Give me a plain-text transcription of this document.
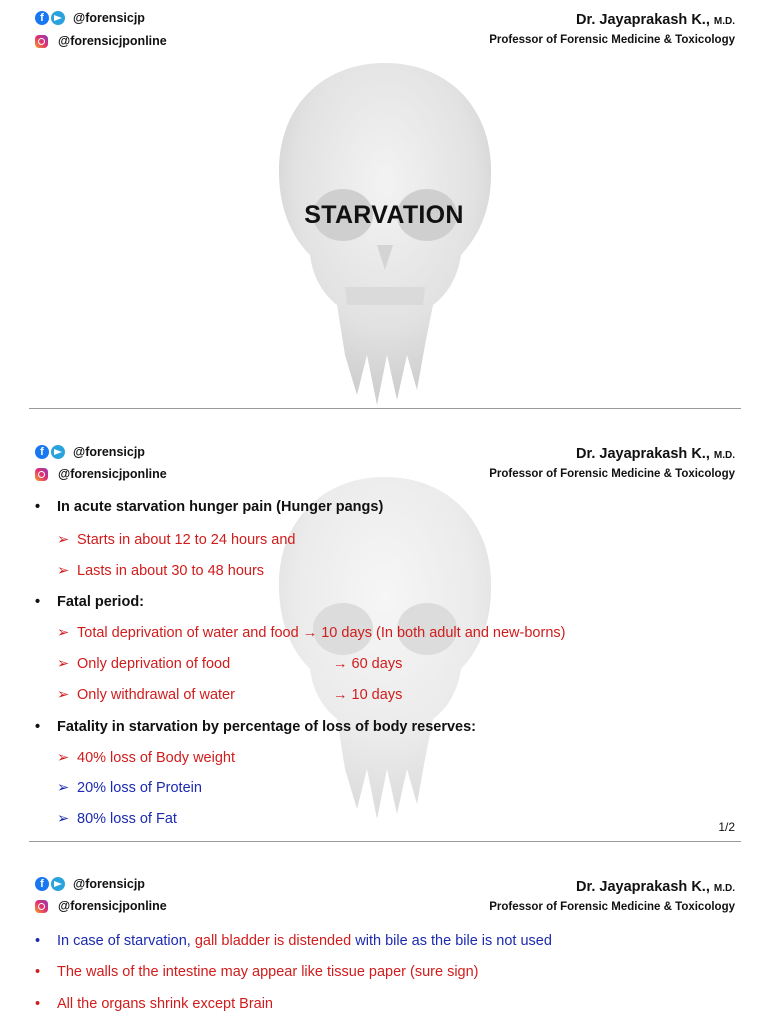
f	@forensicjp
@forensicjponline
Dr. Jayaprakash K., M.D.
Professor of Forensic Medicine & Toxicology
STARVATION
f	@forensicjp
@forensicjponline
Dr. Jayaprakash K., M.D.
Professor of Forensic Medicine & Toxicology
• In acute starvation hunger pain (Hunger pangs)
➢ Starts in about 12 to 24 hours and
➢ Lasts in about 30 to 48 hours
• Fatal period:
➢ Total deprivation of water and food → 10 days (In both adult and new-borns)
➢ Only deprivation of food	→ 60 days
➢ Only withdrawal of water	→ 10 days
• Fatality in starvation by percentage of loss of body reserves:
➢ 40% loss of Body weight
➢ 20% loss of Protein
➢ 80% loss of Fat	1/2
f	@forensicjp
@forensicjponline
Dr. Jayaprakash K., M.D.
Professor of Forensic Medicine & Toxicology
• In case of starvation, gall bladder is distended with bile as the bile is not used
• The walls of the intestine may appear like tissue paper (sure sign)
• All the organs shrink except Brain
